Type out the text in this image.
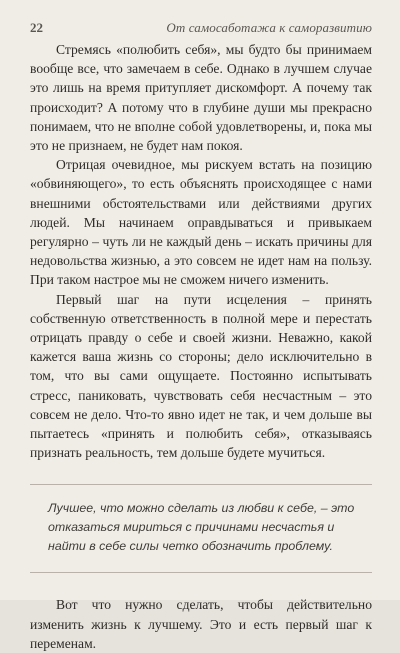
22	От самосаботажа к саморазвитию

Стремясь «полюбить себя», мы будто бы принимаем вообще все, что замечаем в себе. Однако в лучшем случае это лишь на время притупляет дискомфорт. А почему так происходит? А потому что в глубине души мы прекрасно понимаем, что не вполне собой удовлетворены, и, пока мы это не признаем, не будет нам покоя.

Отрицая очевидное, мы рискуем встать на позицию «обвиняющего», то есть объяснять происходящее с нами внешними обстоятельствами или действиями других людей. Мы начинаем оправдываться и привыкаем регулярно – чуть ли не каждый день – искать причины для недовольства жизнью, а это совсем не идет нам на пользу. При таком настрое мы не сможем ничего изменить.

Первый шаг на пути исцеления – принять собственную ответственность в полной мере и перестать отрицать правду о себе и своей жизни. Неважно, какой кажется ваша жизнь со стороны; дело исключительно в том, что вы сами ощущаете. Постоянно испытывать стресс, паниковать, чувствовать себя несчастным – это совсем не дело. Что-то явно идет не так, и чем дольше вы пытаетесь «принять и полюбить себя», отказываясь признать реальность, тем дольше будете мучиться.

Лучшее, что можно сделать из любви к себе, – это отказаться мириться с причинами несчастья и найти в себе силы четко обозначить проблему.

Вот что нужно сделать, чтобы действительно изменить жизнь к лучшему. Это и есть первый шаг к переменам.
